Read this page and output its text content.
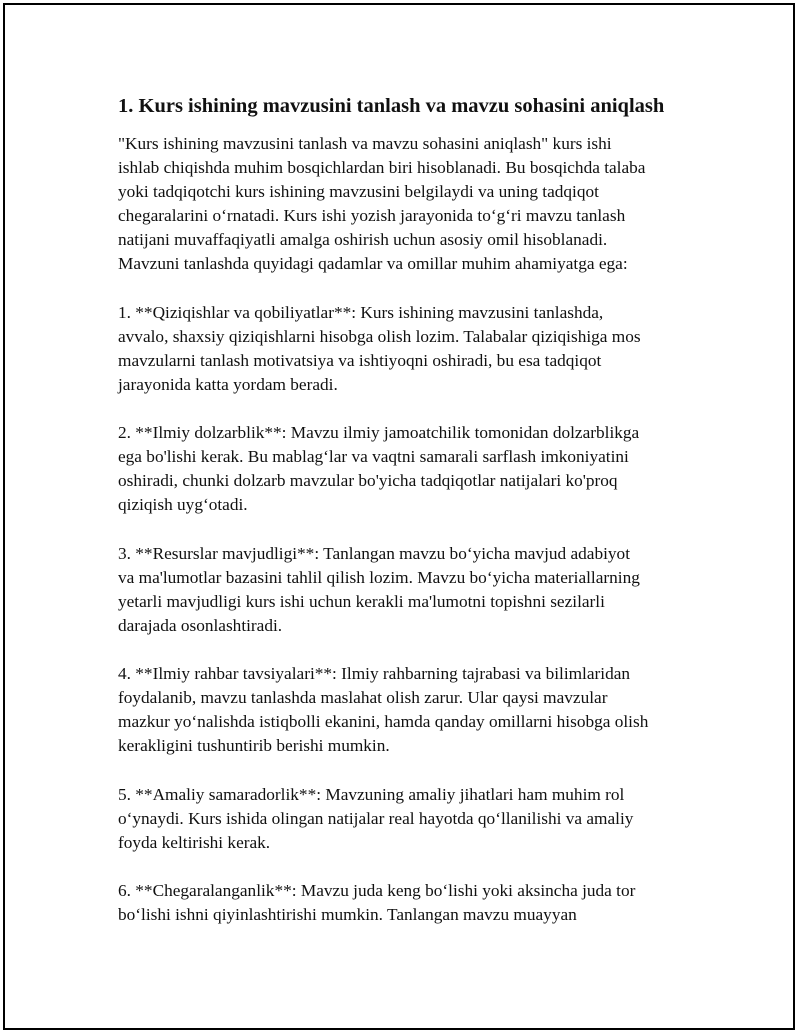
1. Kurs ishining mavzusini tanlash va mavzu sohasini aniqlash

"Kurs ishining mavzusini tanlash va mavzu sohasini aniqlash" kurs ishi
ishlab chiqishda muhim bosqichlardan biri hisoblanadi. Bu bosqichda talaba
yoki tadqiqotchi kurs ishining mavzusini belgilaydi va uning tadqiqot
chegaralarini o‘rnatadi. Kurs ishi yozish jarayonida to‘g‘ri mavzu tanlash
natijani muvaffaqiyatli amalga oshirish uchun asosiy omil hisoblanadi.
Mavzuni tanlashda quyidagi qadamlar va omillar muhim ahamiyatga ega:

1. **Qiziqishlar va qobiliyatlar**: Kurs ishining mavzusini tanlashda,
avvalo, shaxsiy qiziqishlarni hisobga olish lozim. Talabalar qiziqishiga mos
mavzularni tanlash motivatsiya va ishtiyoqni oshiradi, bu esa tadqiqot
jarayonida katta yordam beradi.

2. **Ilmiy dolzarblik**: Mavzu ilmiy jamoatchilik tomonidan dolzarblikga
ega bo'lishi kerak. Bu mablag‘lar va vaqtni samarali sarflash imkoniyatini
oshiradi, chunki dolzarb mavzular bo'yicha tadqiqotlar natijalari ko'proq
qiziqish uyg‘otadi.

3. **Resurslar mavjudligi**: Tanlangan mavzu bo‘yicha mavjud adabiyot
va ma'lumotlar bazasini tahlil qilish lozim. Mavzu bo‘yicha materiallarning
yetarli mavjudligi kurs ishi uchun kerakli ma'lumotni topishni sezilarli
darajada osonlashtiradi.

4. **Ilmiy rahbar tavsiyalari**: Ilmiy rahbarning tajrabasi va bilimlaridan
foydalanib, mavzu tanlashda maslahat olish zarur. Ular qaysi mavzular
mazkur yo‘nalishda istiqbolli ekanini, hamda qanday omillarni hisobga olish
kerakligini tushuntirib berishi mumkin.

5. **Amaliy samaradorlik**: Mavzuning amaliy jihatlari ham muhim rol
o‘ynaydi. Kurs ishida olingan natijalar real hayotda qo‘llanilishi va amaliy
foyda keltirishi kerak.

6. **Chegaralanganlik**: Mavzu juda keng bo‘lishi yoki aksincha juda tor
bo‘lishi ishni qiyinlashtirishi mumkin. Tanlangan mavzu muayyan
